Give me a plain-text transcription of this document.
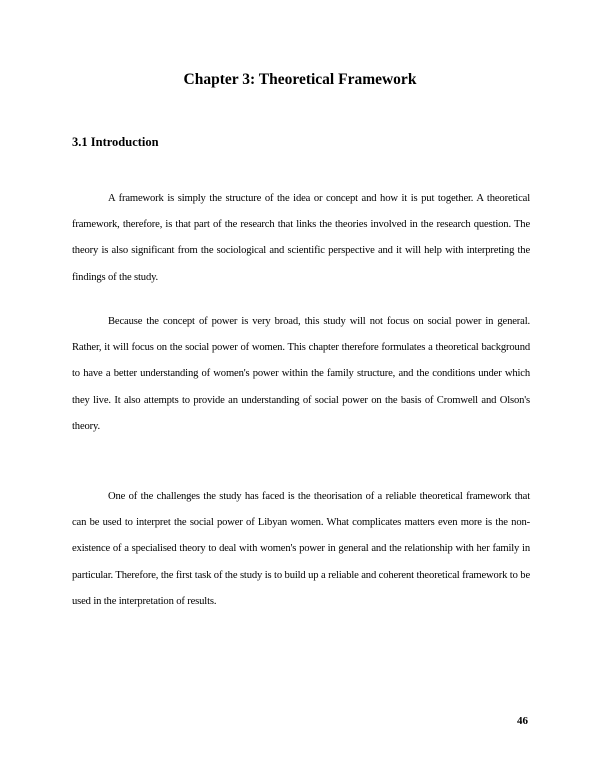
Chapter 3: Theoretical Framework
3.1 Introduction

A framework is simply the structure of the idea or concept and how it is put together. A theoretical framework, therefore, is that part of the research that links the theories involved in the research question. The theory is also significant from the sociological and scientific perspective and it will help with interpreting the findings of the study.

Because the concept of power is very broad, this study will not focus on social power in general. Rather, it will focus on the social power of women. This chapter therefore formulates a theoretical background to have a better understanding of women's power within the family structure, and the conditions under which they live. It also attempts to provide an understanding of social power on the basis of Cromwell and Olson's theory.

One of the challenges the study has faced is the theorisation of a reliable theoretical framework that can be used to interpret the social power of Libyan women. What complicates matters even more is the non-existence of a specialised theory to deal with women's power in general and the relationship with her family in particular. Therefore, the first task of the study is to build up a reliable and coherent theoretical framework to be used in the interpretation of results.

46
